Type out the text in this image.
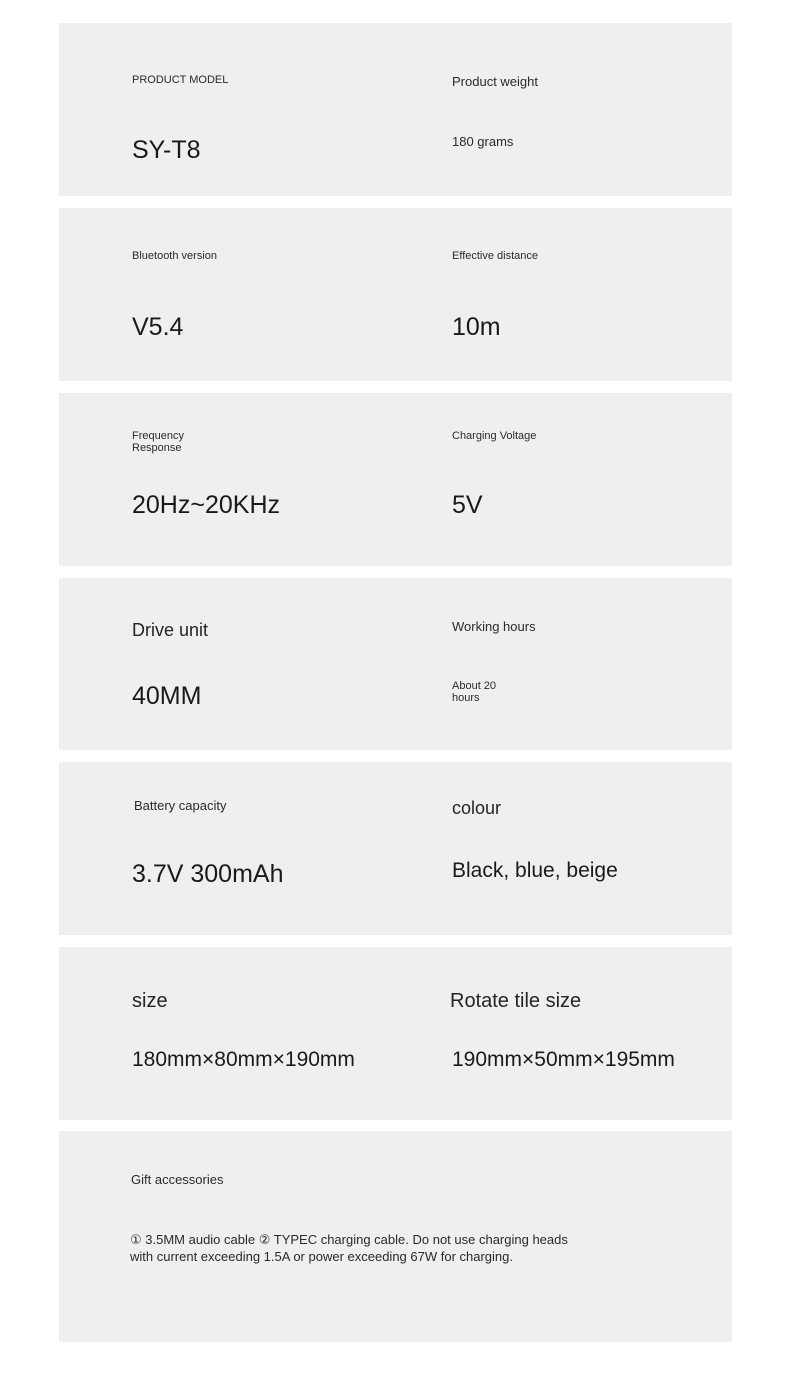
PRODUCT MODEL
SY-T8
Product weight
180 grams
Bluetooth version
V5.4
Effective distance
10m
Frequency Response
20Hz~20KHz
Charging Voltage
5V
Drive unit
40MM
Working hours
About 20 hours
Battery capacity
3.7V 300mAh
colour
Black, blue, beige
size
180mm×80mm×190mm
Rotate tile size
190mm×50mm×195mm
Gift accessories

① 3.5MM audio cable ② TYPEC charging cable. Do not use charging heads with current exceeding 1.5A or power exceeding 67W for charging.
